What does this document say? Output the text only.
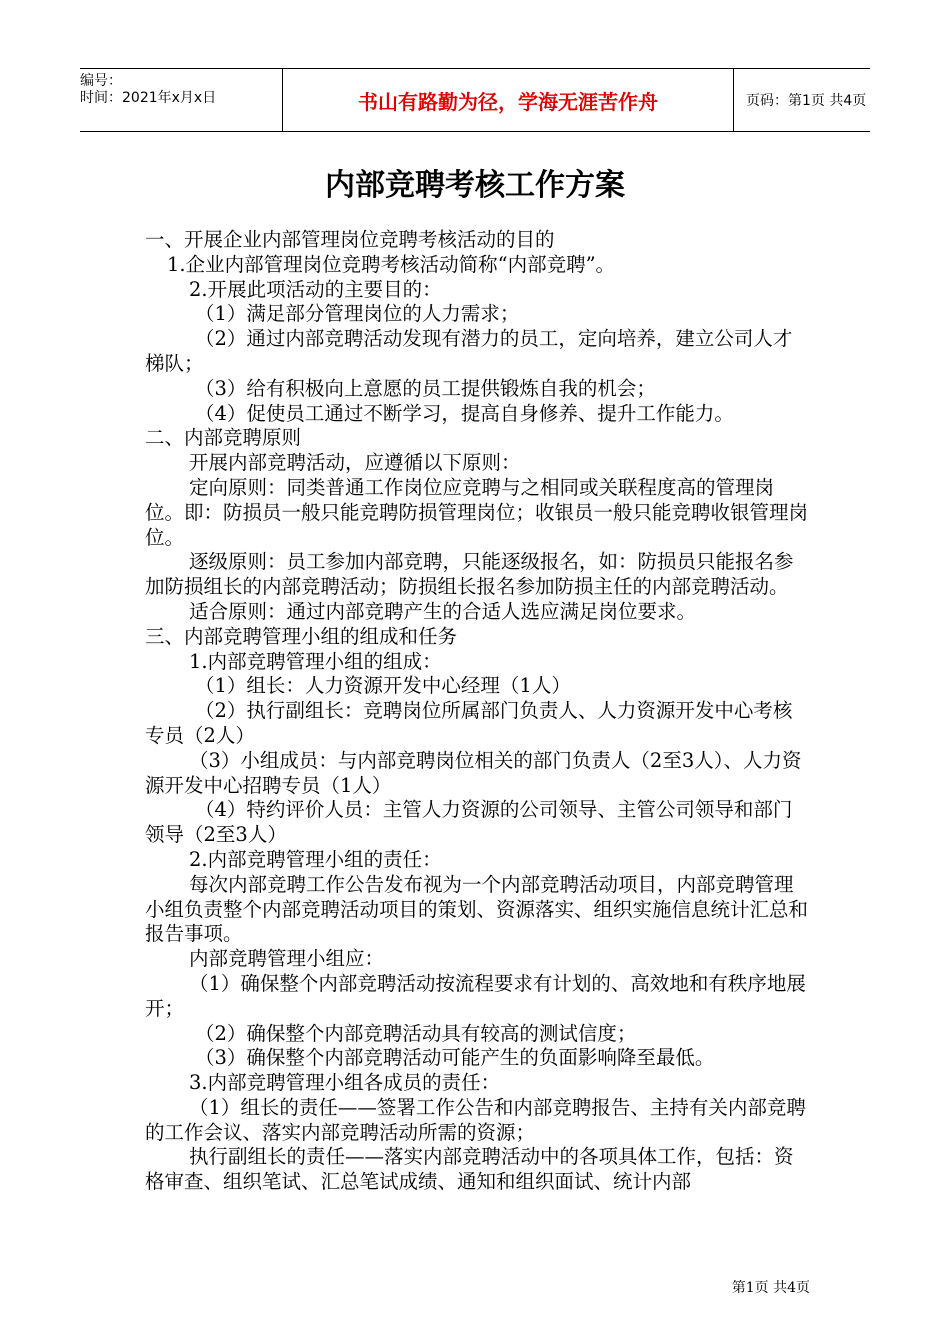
编号：
时间：2021年x月x日	书山有路勤为径，学海无涯苦作舟	页码：第1页 共4页
内部竞聘考核工作方案

一、开展企业内部管理岗位竞聘考核活动的目的

1.企业内部管理岗位竞聘考核活动简称“内部竞聘”。

2.开展此项活动的主要目的：

（1）满足部分管理岗位的人力需求；

（2）通过内部竞聘活动发现有潜力的员工，定向培养，建立公司人才梯队；

（3）给有积极向上意愿的员工提供锻炼自我的机会；

（4）促使员工通过不断学习，提高自身修养、提升工作能力。

二、内部竞聘原则

开展内部竞聘活动，应遵循以下原则：

定向原则：同类普通工作岗位应竞聘与之相同或关联程度高的管理岗位。即：防损员一般只能竞聘防损管理岗位；收银员一般只能竞聘收银管理岗位。

逐级原则：员工参加内部竞聘，只能逐级报名，如：防损员只能报名参加防损组长的内部竞聘活动；防损组长报名参加防损主任的内部竞聘活动。

适合原则：通过内部竞聘产生的合适人选应满足岗位要求。

三、内部竞聘管理小组的组成和任务

1.内部竞聘管理小组的组成：

（1）组长：人力资源开发中心经理（1人）

（2）执行副组长：竞聘岗位所属部门负责人、人力资源开发中心考核专员（2人）

（3）小组成员：与内部竞聘岗位相关的部门负责人（2至3人）、人力资源开发中心招聘专员（1人）

（4）特约评价人员：主管人力资源的公司领导、主管公司领导和部门领导（2至3人）

2.内部竞聘管理小组的责任：

每次内部竞聘工作公告发布视为一个内部竞聘活动项目，内部竞聘管理小组负责整个内部竞聘活动项目的策划、资源落实、组织实施信息统计汇总和报告事项。

内部竞聘管理小组应：

（1）确保整个内部竞聘活动按流程要求有计划的、高效地和有秩序地展开；

（2）确保整个内部竞聘活动具有较高的测试信度；

（3）确保整个内部竞聘活动可能产生的负面影响降至最低。

3.内部竞聘管理小组各成员的责任：

（1）组长的责任——签署工作公告和内部竞聘报告、主持有关内部竞聘的工作会议、落实内部竞聘活动所需的资源；

执行副组长的责任——落实内部竞聘活动中的各项具体工作，包括：资格审查、组织笔试、汇总笔试成绩、通知和组织面试、统计内部

第1页 共4页
